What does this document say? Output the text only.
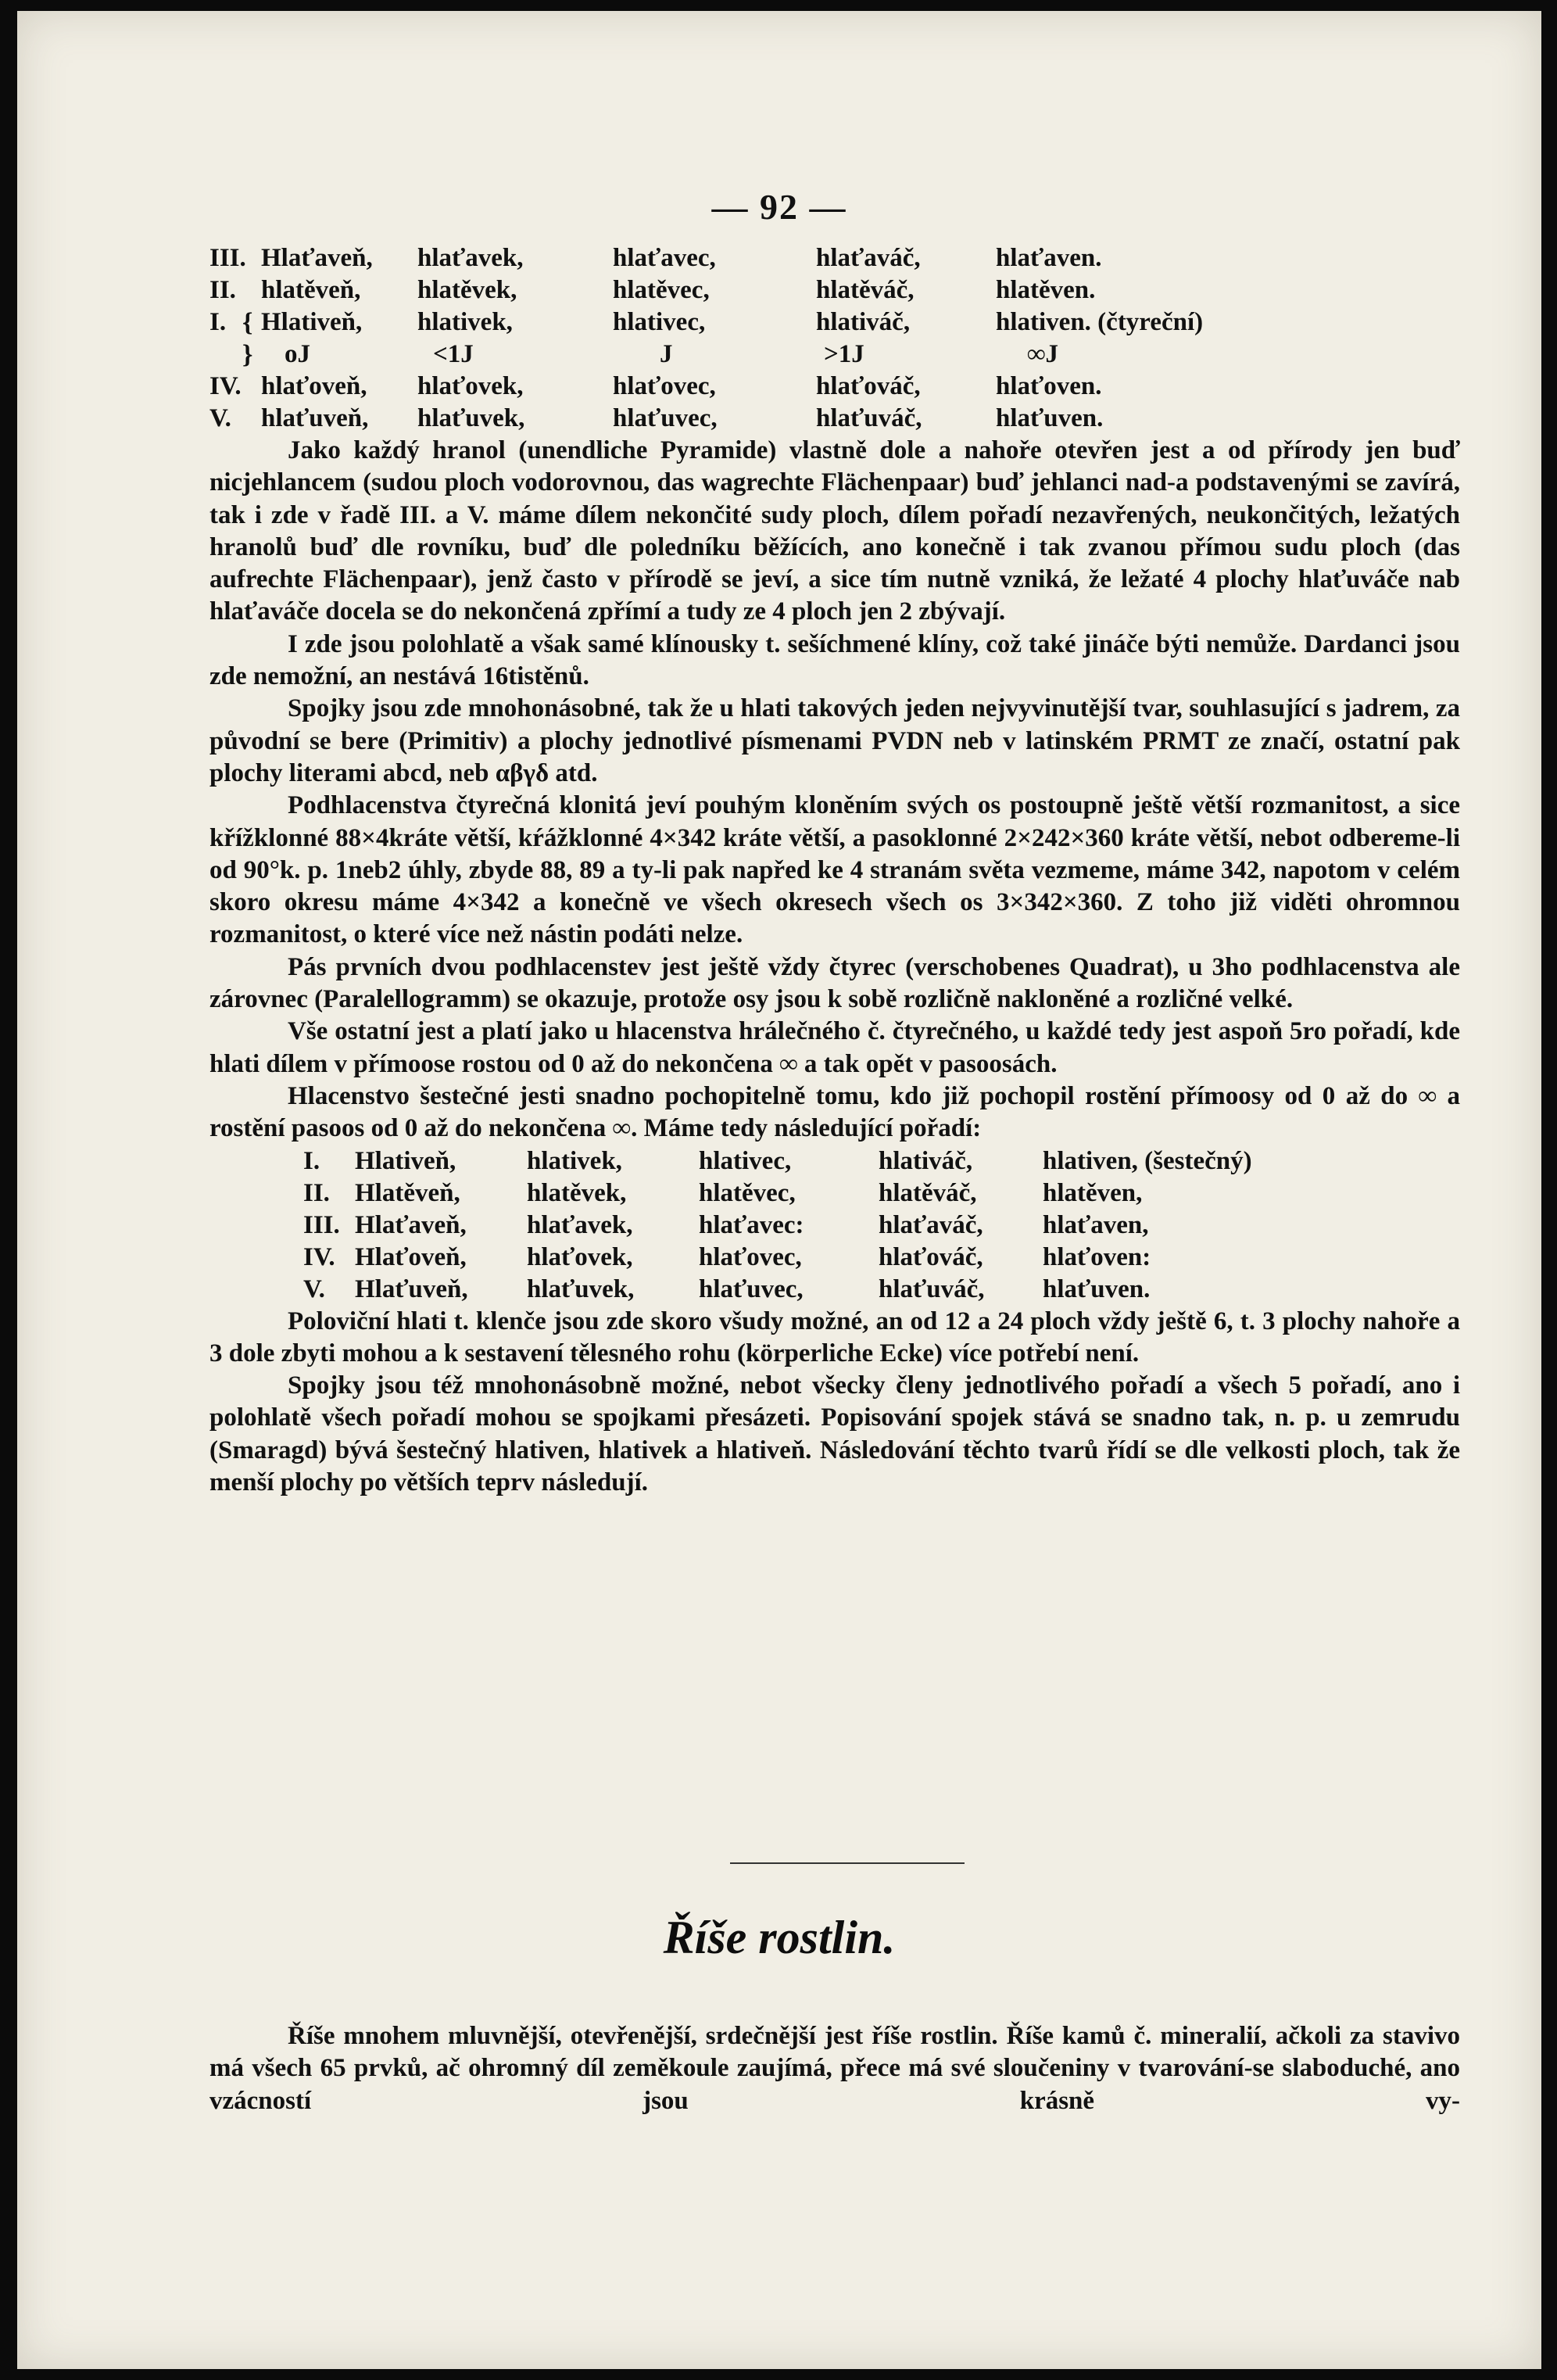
— 92 —
III. Hlaťaveň,	hlaťavek,	hlaťavec,	hlaťaváč,	hlaťaven.
II. hlatěveň,	hlatěvek,	hlatěvec,	hlatěváč,	hlatěven.
I. { Hlativeň,	hlativek,	hlativec,	hlativáč,	hlativen. (čtyreční)
}	oJ	<1J	J	>1J	∞J
IV. hlaťoveň,	hlaťovek,	hlaťovec,	hlaťováč,	hlaťoven.
V.	hlaťuveň,	hlaťuvek,	hlaťuvec,	hlaťuváč,	hlaťuven.

Jako každý hranol (unendliche Pyramide) vlastně dole a nahoře otevřen jest a od přírody jen buď nicjehlancem (sudou ploch vodorovnou, das wagrechte Flächenpaar) buď jehlanci nad-a podstavenými se zavírá, tak i zde v řadě III. a V. máme dílem nekončité sudy ploch, dílem pořadí nezavřených, neukončitých, ležatých hranolů buď dle rovníku, buď dle poledníku běžících, ano konečně i tak zvanou přímou sudu ploch (das aufrechte Flächenpaar), jenž často v přírodě se jeví, a sice tím nutně vzniká, že ležaté 4 plochy hlaťuváče nab hlaťaváče docela se do nekončená zpřímí a tudy ze 4 ploch jen 2 zbývají.

I zde jsou polohlatě a však samé klínousky t. sešíchmené klíny, což také jináče býti nemůže. Dardanci jsou zde nemožní, an nestává 16tistěnů.

Spojky jsou zde mnohonásobné, tak že u hlati takových jeden nejvyvinutější tvar, souhlasující s jadrem, za původní se bere (Primitiv) a plochy jednotlivé písmenami PVDN neb v latinském PRMT ze značí, ostatní pak plochy literami abcd, neb αβγδ atd.

Podhlacenstva čtyrečná klonitá jeví pouhým kloněním svých os postoupně ještě větší rozmanitost, a sice křížklonné 88×4kráte větší, kŕážklonné 4×342 kráte větší, a pasoklonné 2×242×360 kráte větší, nebot odbereme-li od 90°k. p. 1neb2 úhly, zbyde 88, 89 a ty-li pak napřed ke 4 stranám světa vezmeme, máme 342, napotom v celém skoro okresu máme 4×342 a konečně ve všech okresech všech os 3×342×360. Z toho již viděti ohromnou rozmanitost, o které více než nástin podáti nelze.

Pás prvních dvou podhlacenstev jest ještě vždy čtyrec (verschobenes Quadrat), u 3ho podhlacenstva ale zárovnec (Paralellogramm) se okazuje, protože osy jsou k sobě rozličně nakloněné a rozličné velké.

Vše ostatní jest a platí jako u hlacenstva hrálečného č. čtyrečného, u každé tedy jest aspoň 5ro pořadí, kde hlati dílem v přímoose rostou od 0 až do nekončena ∞ a tak opět v pasoosách.

Hlacenstvo šestečné jesti snadno pochopitelně tomu, kdo již pochopil rostění přímoosy od 0 až do ∞ a rostění pasoos od 0 až do nekončena ∞. Máme tedy následující pořadí:

I.	Hlativeň,	hlativek,	hlativec,	hlativáč,	hlativen, (šestečný)
II. Hlatěveň,	hlatěvek,	hlatěvec,	hlatěváč,	hlatěven,
III. Hlaťaveň,	hlaťavek,	hlaťavec:	hlaťaváč,	hlaťaven,
IV. Hlaťoveň,	hlaťovek,	hlaťovec,	hlaťováč,	hlaťoven:
V.	Hlaťuveň,	hlaťuvek,	hlaťuvec,	hlaťuváč,	hlaťuven.

Poloviční hlati t. klenče jsou zde skoro všudy možné, an od 12 a 24 ploch vždy ještě 6, t. 3 plochy nahoře a 3 dole zbyti mohou a k sestavení tělesného rohu (körperliche Ecke) více potřebí není.

Spojky jsou též mnohonásobně možné, nebot všecky členy jednotlivého pořadí a všech 5 pořadí, ano i polohlatě všech pořadí mohou se spojkami přesázeti. Popisování spojek stává se snadno tak, n. p. u zemrudu (Smaragd) bývá šestečný hlativen, hlativek a hlativeň. Následování těchto tvarů řídí se dle velkosti ploch, tak že menší plochy po větších teprv následují.

Říše rostlin.

Říše mnohem mluvnější, otevřenější, srdečnější jest říše rostlin. Říše kamů č. mineralií, ačkoli za stavivo má všech 65 prvků, ač ohromný díl zeměkoule zaujímá, přece má své sloučeniny v tvarování-se slaboduché, ano vzácností jsou krásně vy-
